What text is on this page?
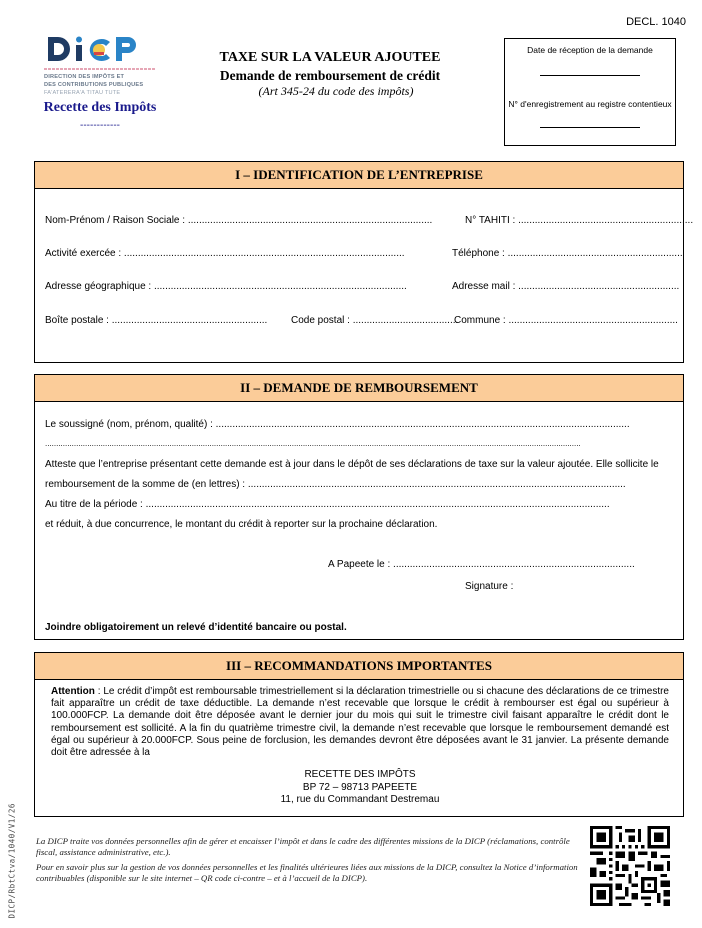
DECL. 1040
DIRECTION DES IMPÔTS ET
DES CONTRIBUTIONS PUBLIQUES
FA'ATERERA'A TITAU TUTE
Recette des Impôts
------------
TAXE SUR LA VALEUR AJOUTEE
Demande de remboursement de crédit
(Art 345-24 du code des impôts)
Date de réception de la demande
N° d'enregistrement au registre contentieux
I – IDENTIFICATION DE L’ENTREPRISE
Nom-Prénom / Raison Sociale : ........................................................................................	N° TAHITI : ...............................................................
Activité exercée : .....................................................................................................	Téléphone : ...............................................................
Adresse géographique : ...........................................................................................	Adresse mail : ..........................................................
Boîte postale : ........................................................ Code postal : ......................................
Commune : .............................................................
II – DEMANDE DE REMBOURSEMENT
Le soussigné (nom, prénom, qualité) : .....................................................................................................................................................
.................................................................................................................................................................................................................................................
Atteste que l’entreprise présentant cette demande est à jour dans le dépôt de ses déclarations de taxe sur la valeur ajoutée. Elle sollicite le
remboursement de la somme de (en lettres) : ........................................................................................................................................
Au titre de la période : .......................................................................................................................................................................
et réduit, à due concurrence, le montant du crédit à reporter sur la prochaine déclaration.
A Papeete le : .......................................................................................
Signature :
Joindre obligatoirement un relevé d’identité bancaire ou postal.
III – RECOMMANDATIONS IMPORTANTES
Attention : Le crédit d’impôt est remboursable trimestriellement si la déclaration trimestrielle ou si chacune des déclarations de ce trimestre fait apparaître un crédit de taxe déductible. La demande n’est recevable que lorsque le crédit à rembourser est égal ou supérieur à 100.000FCP. La demande doit être déposée avant le dernier jour du mois qui suit le trimestre civil faisant apparaître le crédit dont le remboursement est sollicité. A la fin du quatrième trimestre civil, la demande n’est recevable que lorsque le remboursement demandé est égal ou supérieur à 20.000FCP. Sous peine de forclusion, les demandes devront être déposées avant le 31 janvier. La présente demande doit être adressée à la
RECETTE DES IMPÔTS
BP 72 – 98713 PAPEETE
11, rue du Commandant Destremau
DICP/RbtCtva/1040/V1/26 La DICP traite vos données personnelles afin de gérer et encaisser l’impôt et dans le cadre des différentes missions de la DICP (réclamations, contrôle fiscal, assistance administrative, etc.).
Pour en savoir plus sur la gestion de vos données personnelles et les finalités ultérieures liées aux missions de la DICP, consultez la Notice d’information contribuables (disponible sur le site internet – QR code ci-contre – et à l’accueil de la DICP).
